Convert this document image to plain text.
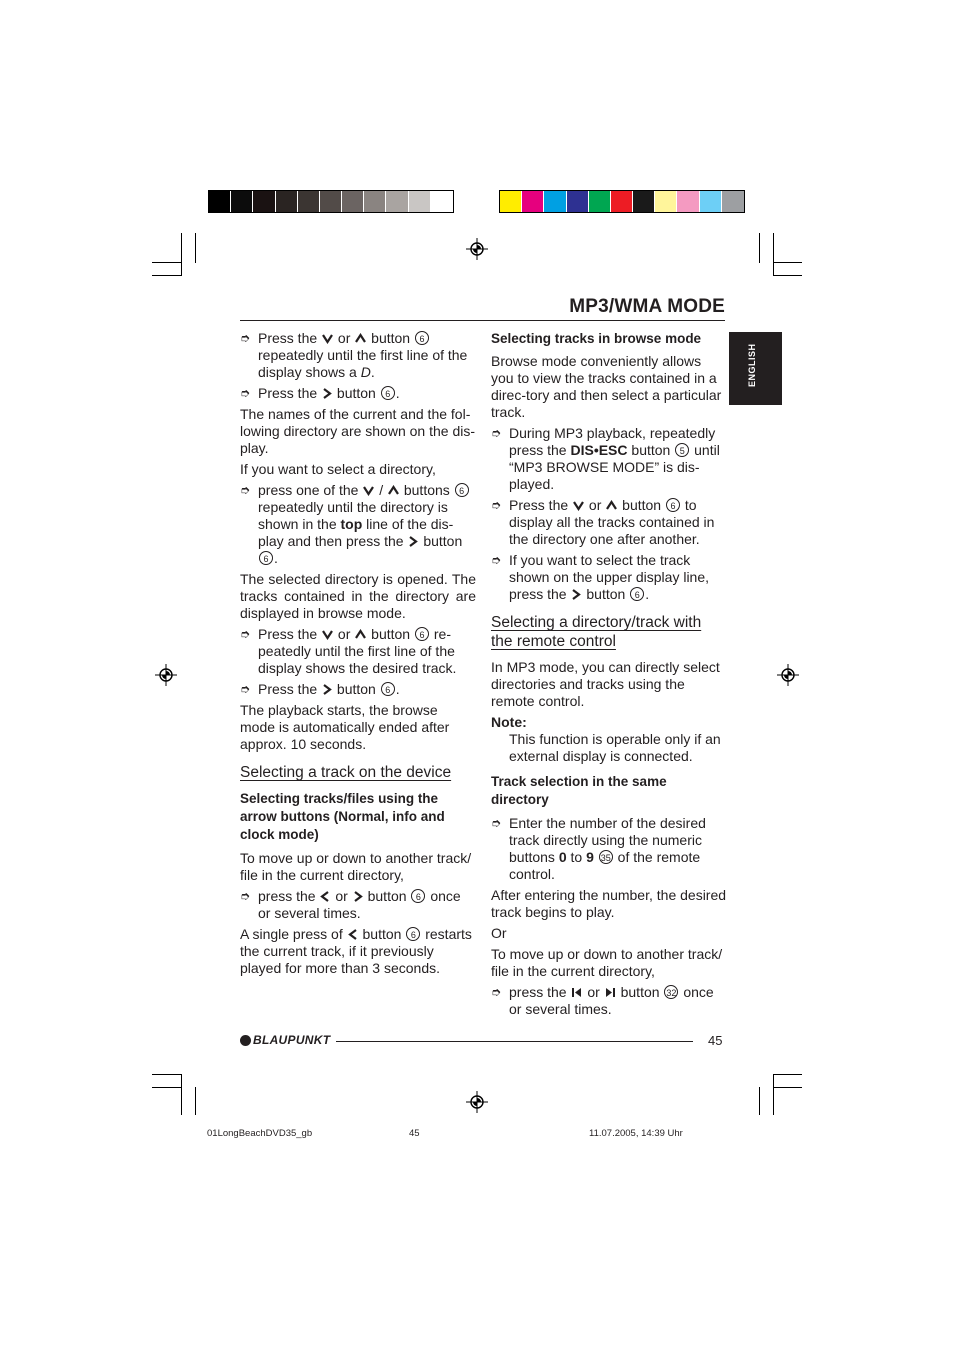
MP3/WMA MODE
ENGLISH
➮ Press the or button 6 repeatedly until the first line of the display shows a D.
➮ Press the button 6 .

The names of the current and the fol-lowing directory are shown on the dis-play.

If you want to select a directory,

➮ press one of the / buttons 6 repeatedly until the directory is shown in the top line of the dis-play and then press the button 6 .

The selected directory is opened. The tracks contained in the directory are displayed in browse mode.

➮ Press the or button 6 re-peatedly until the first line of the display shows the desired track.
➮ Press the button 6 .

The playback starts, the browse mode is automatically ended after approx. 10 seconds.

Selecting a track on the device
Selecting tracks/files using the arrow buttons (Normal, info and clock mode)

To move up or down to another track/ file in the current directory,

➮ press the or button 6 once or several times.

A single press of button 6 restarts the current track, if it previously played for more than 3 seconds.

Selecting tracks in browse mode

Browse mode conveniently allows you to view the tracks contained in a direc-tory and then select a particular track.

➮ During MP3 playback, repeatedly press the DIS•ESC button 5 until “MP3 BROWSE MODE” is dis-played.
➮ Press the or button 6 to display all the tracks contained in the directory one after another.
➮ If you want to select the track shown on the upper display line, press the button 6 .
Selecting a directory/track with the remote control

In MP3 mode, you can directly select directories and tracks using the remote control.

Note:

This function is operable only if an external display is connected.

Track selection in the same directory
➮ Enter the number of the desired track directly using the numeric buttons 0 to 9 35 of the remote control.

After entering the number, the desired track begins to play.

Or

To move up or down to another track/ file in the current directory,

➮ press the or button 32 once or several times.
BLAUPUNKT	45
01LongBeachDVD35_gb	45	11.07.2005, 14:39 Uhr
